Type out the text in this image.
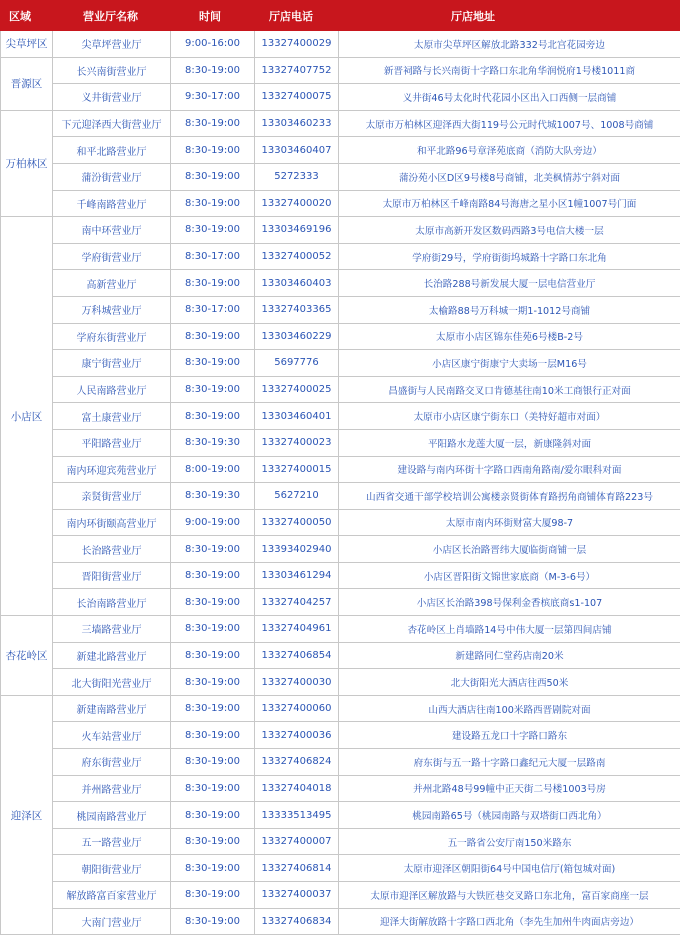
区域	营业厅名称	时间	厅店电话	厅店地址
尖草坪区	尖草坪营业厅	9:00-16:00	13327400029	太原市尖草坪区解放北路332号北宫花园旁边
晋源区	长兴南街营业厅	8:30-19:00	13327407752	新晋祠路与长兴南街十字路口东北角华润悦府1号楼1011商
	义井街营业厅	9:30-17:00	13327400075	义井街46号太化时代花园小区出入口西侧一层商铺
万柏林区	下元迎泽西大街营业厅	8:30-19:00	13303460233	太原市万柏林区迎泽西大街119号公元时代城1007号、1008号商铺
	和平北路营业厅	8:30-19:00	13303460407	和平北路96号章泽苑底商（消防大队旁边）
	蒲汾街营业厅	8:30-19:00	5272333	蒲汾苑小区D区9号楼8号商铺，北美枫情苏宁斜对面
	千峰南路营业厅	8:30-19:00	13327400020	太原市万柏林区千峰南路84号海唐之星小区1幢1007号门面
小店区	南中环营业厅	8:30-19:00	13303469196	太原市高新开发区数码西路3号电信大楼一层
	学府街营业厅	8:30-17:00	13327400052	学府街29号，学府街街坞城路十字路口东北角
	高新营业厅	8:30-19:00	13303460403	长治路288号新发展大厦一层电信营业厅
	万科城营业厅	8:30-17:00	13327403365	太榆路88号万科城一期1-1012号商铺
	学府东街营业厅	8:30-19:00	13303460229	太原市小店区锦东佳苑6号楼B-2号
	康宁街营业厅	8:30-19:00	5697776	小店区康宁街康宁大卖场一层M16号
	人民南路营业厅	8:30-19:00	13327400025	昌盛街与人民南路交叉口肯德基往南10米工商银行正对面
	富土康营业厅	8:30-19:00	13303460401	太原市小店区康宁街东口（美特好超市对面）
	平阳路营业厅	8:30-19:30	13327400023	平阳路水龙莲大厦一层，新康隆斜对面
	南内环迎宾苑营业厅	8:00-19:00	13327400015	建设路与南内环街十字路口西南角路南/爱尔眼科对面
	亲贤街营业厅	8:30-19:30	5627210	山西省交通干部学校培训公寓楼亲贤街体育路拐角商铺体育路223号
	南内环街颐高营业厅	9:00-19:00	13327400050	太原市南内环街财富大厦98-7
	长治路营业厅	8:30-19:00	13393402940	小店区长治路晋纬大厦临街商铺一层
	晋阳街营业厅	8:30-19:00	13303461294	小店区晋阳街文锦世家底商（M-3-6号）
	长治南路营业厅	8:30-19:00	13327404257	小店区长治路398号保利金香槟底商s1-107
杏花岭区	三墙路营业厅	8:30-19:00	13327404961	杏花岭区上肖墙路14号中伟大厦一层第四间店铺
	新建北路营业厅	8:30-19:00	13327406854	新建路同仁堂药店南20米
	北大街阳光营业厅	8:30-19:00	13327400030	北大街阳光大酒店往西50米
迎泽区	新建南路营业厅	8:30-19:00	13327400060	山西大酒店往南100米路西晋剧院对面
	火车站营业厅	8:30-19:00	13327400036	建设路五龙口十字路口路东
	府东街营业厅	8:30-19:00	13327406824	府东街与五一路十字路口鑫纪元大厦一层路南
	并州路营业厅	8:30-19:00	13327404018	并州北路48号99幢中正天街二号楼1003号房
	桃园南路营业厅	8:30-19:00	13333513495	桃园南路65号（桃园南路与双塔街口西北角）
	五一路营业厅	8:30-19:00	13327400007	五一路省公安厅南150米路东
	朝阳街营业厅	8:30-19:00	13327406814	太原市迎泽区朝阳街64号中国电信厅(箱包城对面)
	解放路富百家营业厅	8:30-19:00	13327400037	太原市迎泽区解放路与大铁匠巷交叉路口东北角，富百家商座一层
	大南门营业厅	8:30-19:00	13327406834	迎泽大街解放路十字路口西北角（李先生加州牛肉面店旁边）
